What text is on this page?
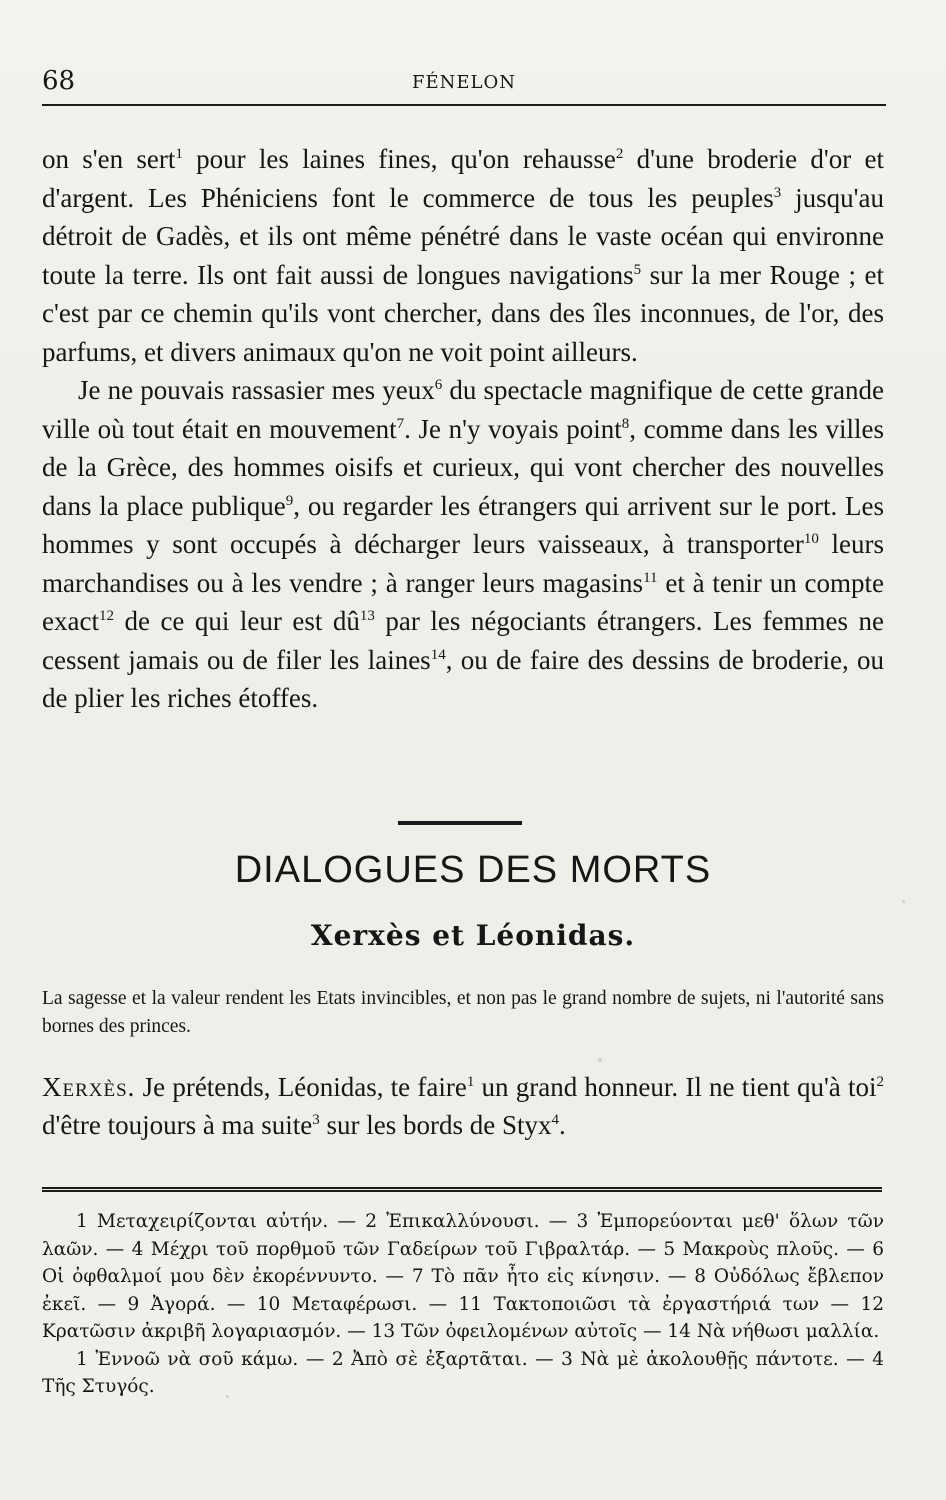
68	FÉNELON

on s'en sert$^1$ pour les laines fines, qu'on rehausse$^2$ d'une broderie d'or et d'argent. Les Phéniciens font le commerce de tous les peuples$^3$ jusqu'au détroit de Gadès, et ils ont même pénétré dans le vaste océan qui environne toute la terre. Ils ont fait aussi de longues navigations$^5$ sur la mer Rouge ; et c'est par ce chemin qu'ils vont chercher, dans des îles inconnues, de l'or, des parfums, et divers animaux qu'on ne voit point ailleurs.

Je ne pouvais rassasier mes yeux$^6$ du spectacle magnifique de cette grande ville où tout était en mouvement$^7$. Je n'y voyais point$^8$, comme dans les villes de la Grèce, des hommes oisifs et curieux, qui vont chercher des nouvelles dans la place publique$^9$, ou regarder les étrangers qui arrivent sur le port. Les hommes y sont occupés à décharger leurs vaisseaux, à transporter$^{10}$ leurs marchandises ou à les vendre ; à ranger leurs magasins$^{11}$ et à tenir un compte exact$^{12}$ de ce qui leur est $dû^{13}$ par les négociants étrangers. Les femmes ne cessent jamais ou de filer les laines$^{14}$, ou de faire des dessins de broderie, ou de plier les riches étoffes.

DIALOGUES DES MORTS
Xerxès et Léonidas.
La sagesse et la valeur rendent les Etats invincibles, et non pas le grand nombre de sujets, ni l'autorité sans bornes des princes.
Xerxès. Je prétends, Léonidas, te faire$^1$ un grand honneur. Il ne tient qu'à toi$^2$ d'être toujours à ma suite$^3$ sur les bords de Styx$^4$.

1 Μεταχειρίζονται αὐτήν. — 2 Ἐπικαλλύνουσι. — 3 Ἐμπορεύονται μεθ' ὅλων τῶν λαῶν. — 4 Μέχρι τοῦ πορθμοῦ τῶν Γαδείρων τοῦ Γιβραλτάρ. — 5 Μακροὺς πλοῦς. — 6 Οἱ ὀφθαλμοί μου δὲν ἐκορέννυντο. — 7 Τὸ πᾶν ἦτο εἰς κίνησιν. — 8 Οὐδόλως ἔβλεπον ἐκεῖ. — 9 Ἀγορά. — 10 Μεταφέρωσι. — 11 Τακτοποιῶσι τὰ ἐργαστήριά των — 12 Κρατῶσιν ἀκριβῆ λογαριασμόν. — 13 Τῶν ὀφειλομένων αὐτοῖς — 14 Νὰ νήθωσι μαλλία.

1 Ἐννοῶ νὰ σοῦ κάμω. — 2 Ἀπὸ σὲ ἐξαρτᾶται. — 3 Νὰ μὲ ἀκολουθῇς πάντοτε. — 4 Τῆς Στυγός.
